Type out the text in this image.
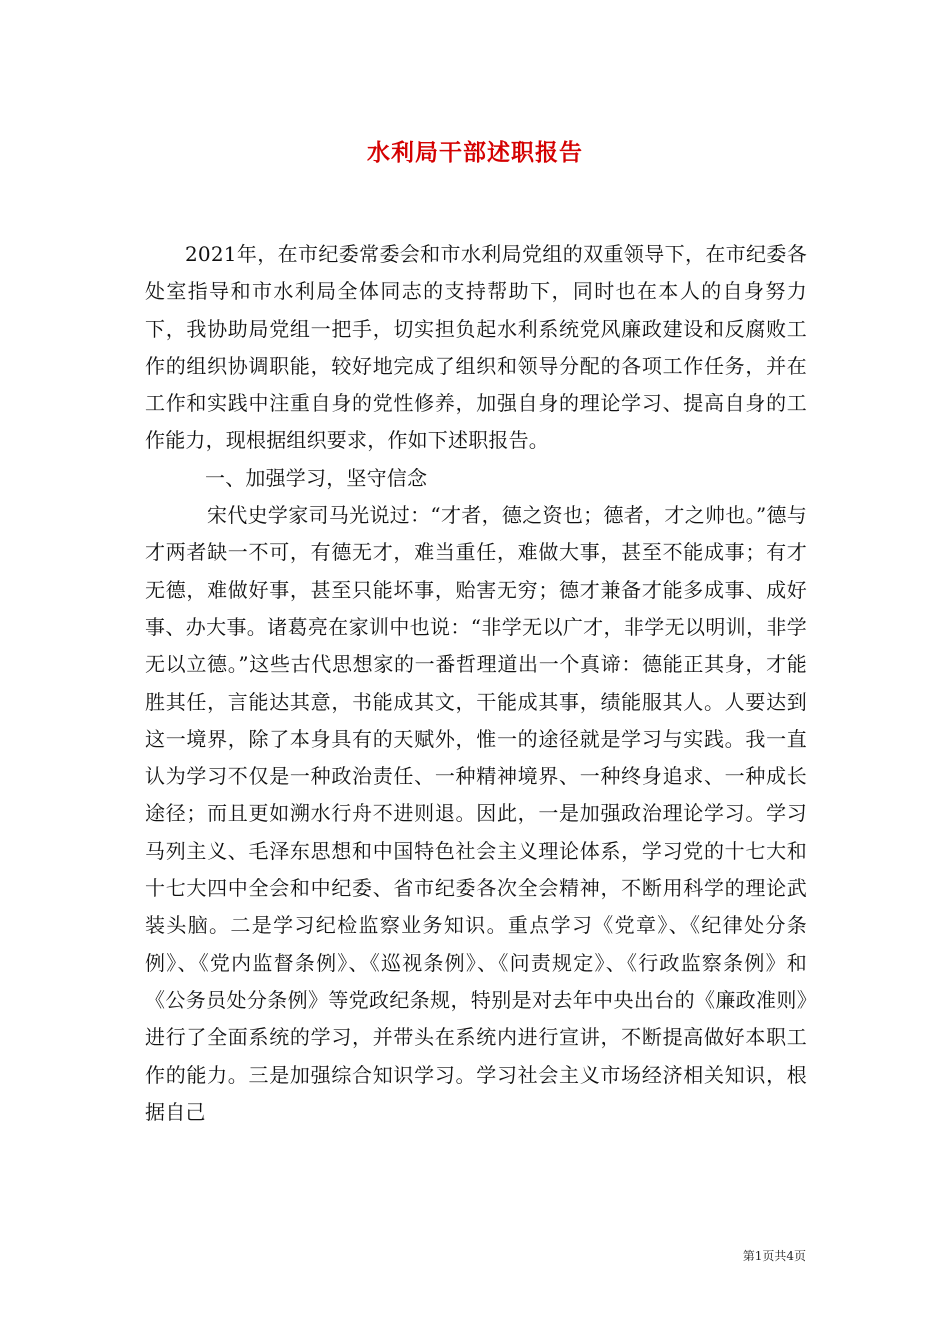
水利局干部述职报告

2021年，在市纪委常委会和市水利局党组的双重领导下，在市纪委各处室指导和市水利局全体同志的支持帮助下，同时也在本人的自身努力下，我协助局党组一把手，切实担负起水利系统党风廉政建设和反腐败工作的组织协调职能，较好地完成了组织和领导分配的各项工作任务，并在工作和实践中注重自身的党性修养，加强自身的理论学习、提高自身的工作能力，现根据组织要求，作如下述职报告。

一、加强学习，坚守信念

宋代史学家司马光说过：“才者，德之资也；德者，才之帅也。”德与才两者缺一不可，有德无才，难当重任，难做大事，甚至不能成事；有才无德，难做好事，甚至只能坏事，贻害无穷；德才兼备才能多成事、成好事、办大事。诸葛亮在家训中也说：“非学无以广才，非学无以明训，非学无以立德。”这些古代思想家的一番哲理道出一个真谛：德能正其身，才能胜其任，言能达其意，书能成其文，干能成其事，绩能服其人。人要达到这一境界，除了本身具有的天赋外，惟一的途径就是学习与实践。我一直认为学习不仅是一种政治责任、一种精神境界、一种终身追求、一种成长途径；而且更如溯水行舟不进则退。因此，一是加强政治理论学习。学习马列主义、毛泽东思想和中国特色社会主义理论体系，学习党的十七大和十七大四中全会和中纪委、省市纪委各次全会精神，不断用科学的理论武装头脑。二是学习纪检监察业务知识。重点学习《党章》、《纪律处分条例》、《党内监督条例》、《巡视条例》、《问责规定》、《行政监察条例》和《公务员处分条例》等党政纪条规，特别是对去年中央出台的《廉政准则》进行了全面系统的学习，并带头在系统内进行宣讲，不断提高做好本职工作的能力。三是加强综合知识学习。学习社会主义市场经济相关知识，根据自己

第1页共4页
